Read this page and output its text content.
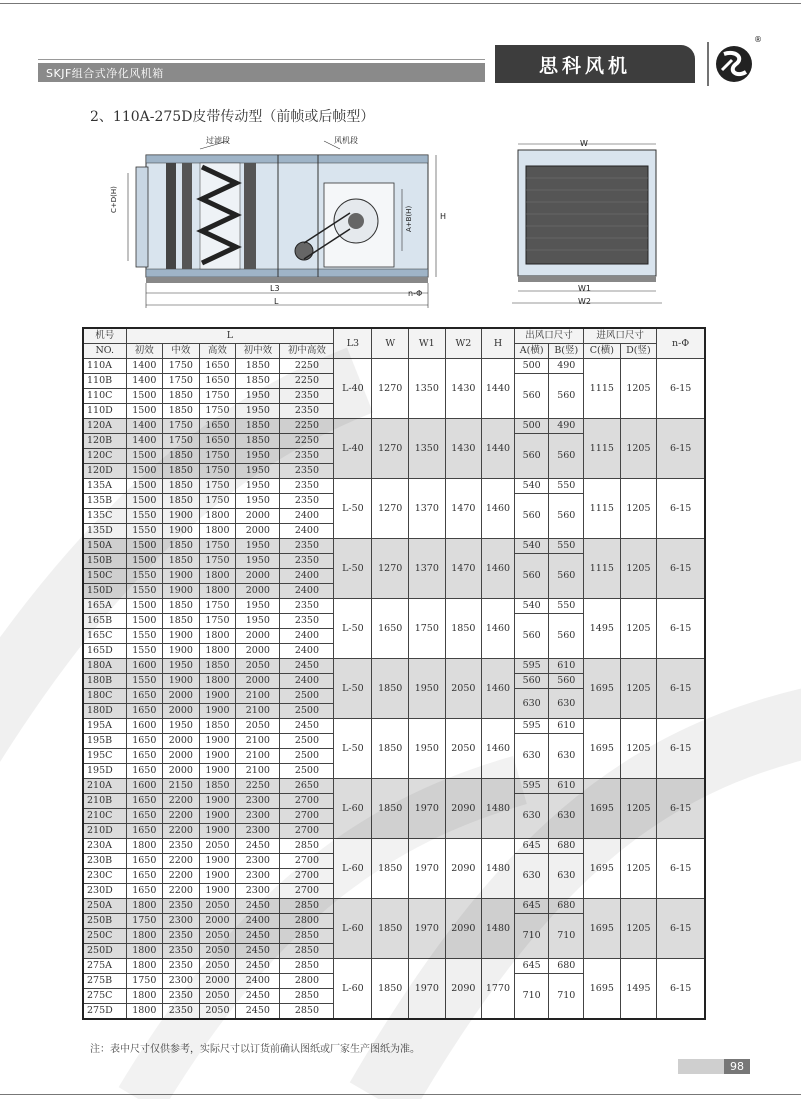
SKJF组合式净化风机箱	思科风机
®
2、110A-275D皮带传动型（前帧或后帧型）
过滤段	风机段
C+D(H)
A+B(H)	H
L3
L
n-Φ
W
W1
W2
机号	L					L3	W	W1	W2	H	出风口尺寸		进风口尺寸		n-Φ
NO.	初效	中效	高效	初中效	初中高效						A(横)	B(竖)	C(横)	D(竖)	
110A	1400	1750	1650	1850	2250	L-40	1270	1350	1430	1440	500	490	1115	1205	6-15
110B	1400	1750	1650	1850	2250						560	560			
110C	1500	1850	1750	1950	2350										
110D	1500	1850	1750	1950	2350										
120A	1400	1750	1650	1850	2250	L-40	1270	1350	1430	1440	500	490	1115	1205	6-15
120B	1400	1750	1650	1850	2250						560	560			
120C	1500	1850	1750	1950	2350										
120D	1500	1850	1750	1950	2350										
135A	1500	1850	1750	1950	2350	L-50	1270	1370	1470	1460	540	550	1115	1205	6-15
135B	1500	1850	1750	1950	2350						560	560			
135C	1550	1900	1800	2000	2400										
135D	1550	1900	1800	2000	2400										
150A	1500	1850	1750	1950	2350	L-50	1270	1370	1470	1460	540	550	1115	1205	6-15
150B	1500	1850	1750	1950	2350						560	560			
150C	1550	1900	1800	2000	2400										
150D	1550	1900	1800	2000	2400										
165A	1500	1850	1750	1950	2350	L-50	1650	1750	1850	1460	540	550	1495	1205	6-15
165B	1500	1850	1750	1950	2350						560	560			
165C	1550	1900	1800	2000	2400										
165D	1550	1900	1800	2000	2400										
180A	1600	1950	1850	2050	2450	L-50	1850	1950	2050	1460	595	610	1695	1205	6-15
180B	1550	1900	1800	2000	2400						560	560			
180C	1650	2000	1900	2100	2500						630	630			
180D	1650	2000	1900	2100	2500										
195A	1600	1950	1850	2050	2450	L-50	1850	1950	2050	1460	595	610	1695	1205	6-15
195B	1650	2000	1900	2100	2500						630	630			
195C	1650	2000	1900	2100	2500										
195D	1650	2000	1900	2100	2500										
210A	1600	2150	1850	2250	2650	L-60	1850	1970	2090	1480	595	610	1695	1205	6-15
210B	1650	2200	1900	2300	2700						630	630			
210C	1650	2200	1900	2300	2700										
210D	1650	2200	1900	2300	2700										
230A	1800	2350	2050	2450	2850	L-60	1850	1970	2090	1480	645	680	1695	1205	6-15
230B	1650	2200	1900	2300	2700						630	630			
230C	1650	2200	1900	2300	2700										
230D	1650	2200	1900	2300	2700										
250A	1800	2350	2050	2450	2850	L-60	1850	1970	2090	1480	645	680	1695	1205	6-15
250B	1750	2300	2000	2400	2800						710	710			
250C	1800	2350	2050	2450	2850										
250D	1800	2350	2050	2450	2850										
275A	1800	2350	2050	2450	2850	L-60	1850	1970	2090	1770	645	680	1695	1495	6-15
275B	1750	2300	2000	2400	2800						710	710			
275C	1800	2350	2050	2450	2850										
275D	1800	2350	2050	2450	2850										
注：表中尺寸仅供参考，实际尺寸以订货前确认图纸或厂家生产图纸为准。
98
